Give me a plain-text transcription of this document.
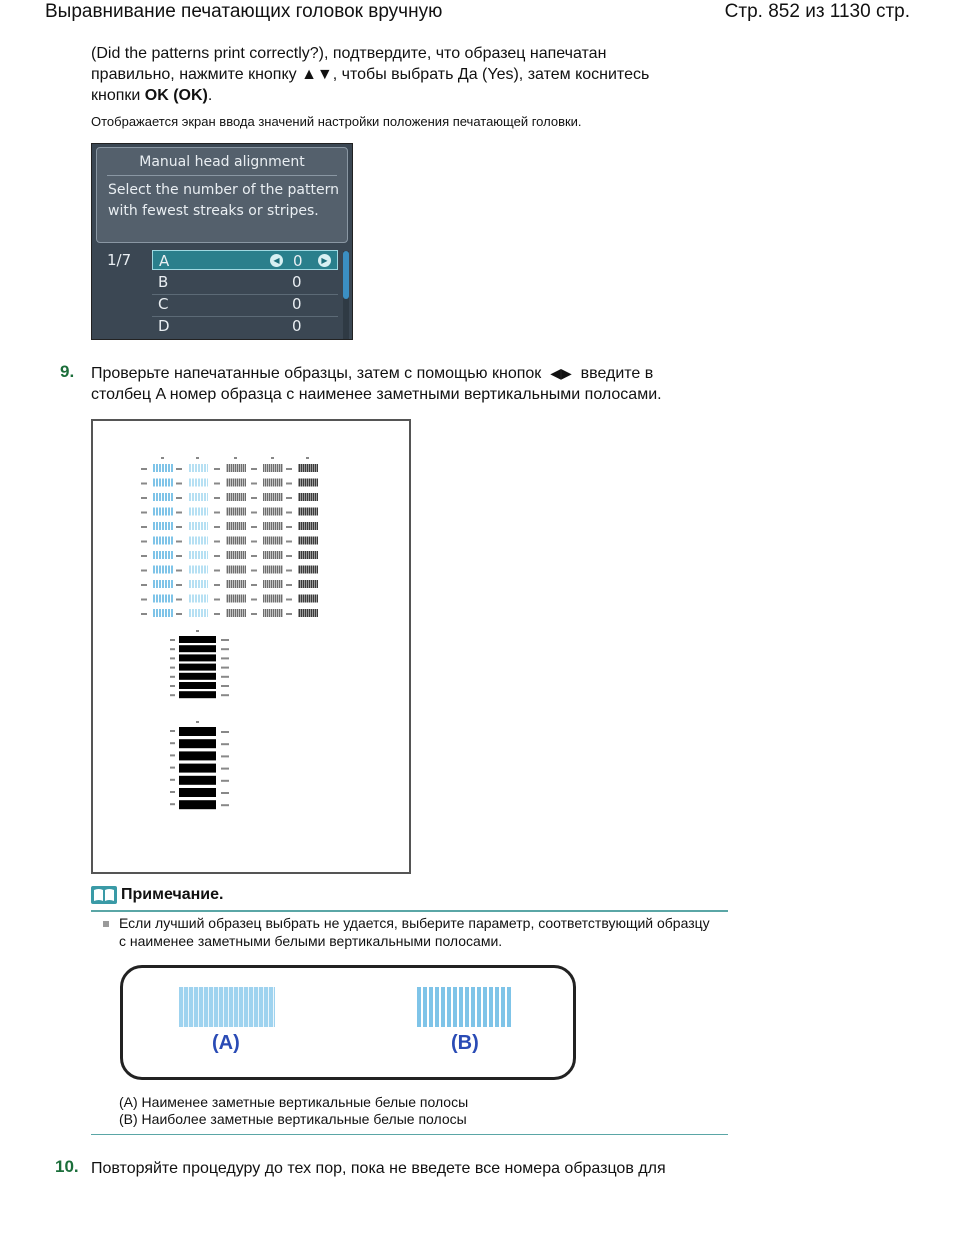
Выравнивание печатающих головок вручную	Стр. 852 из 1130 стр.
(Did the patterns print correctly?), подтвердите, что образец напечатан
правильно, нажмите кнопку ▲▼, чтобы выбрать Да (Yes), затем коснитесь
кнопки OK (OK).
Отображается экран ввода значений настройки положения печатающей головки.
Manual head alignment
Select the number of the pattern
with fewest streaks or stripes.
1/7 A	◀ 0	▶
B	0
C	0
D	0
9. Проверьте напечатанные образцы, затем с помощью кнопок ◀▶ введите в
столбец A номер образца с наименее заметными вертикальными полосами.
Примечание.
Если лучший образец выбрать не удается, выберите параметр, соответствующий образцу
с наименее заметными белыми вертикальными полосами.
(A)	(B)
(A) Наименее заметные вертикальные белые полосы
(B) Наиболее заметные вертикальные белые полосы
10. Повторяйте процедуру до тех пор, пока не введете все номера образцов для
